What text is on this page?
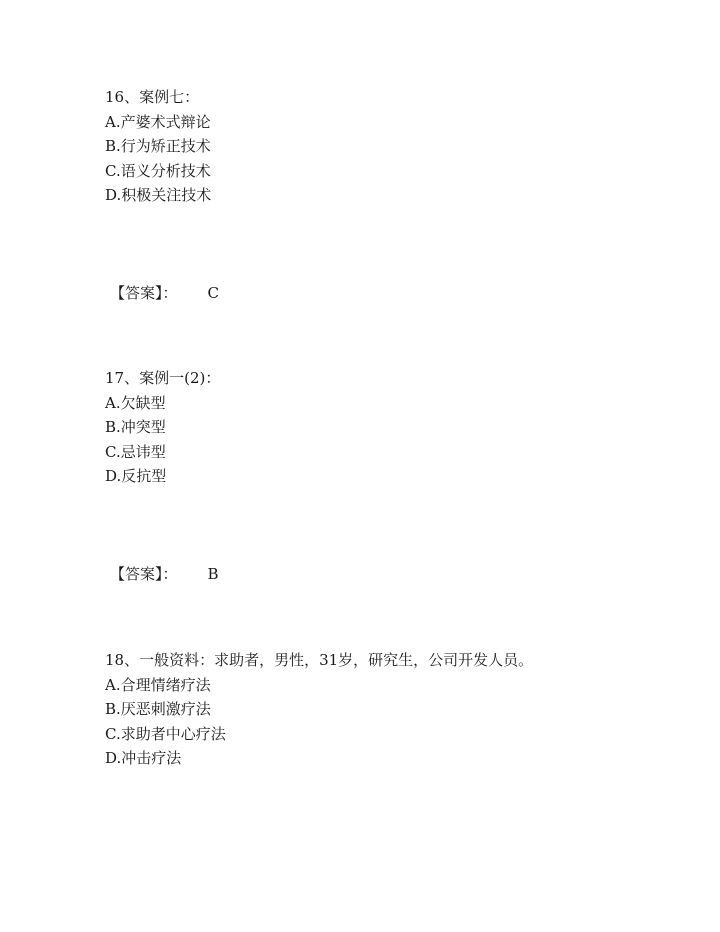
16、案例七：
A.产婆术式辩论
B.行为矫正技术
C.语义分析技术
D.积极关注技术
【答案】： C
17、案例一(2)：
A.欠缺型
B.冲突型
C.忌讳型
D.反抗型
【答案】： B
18、一般资料：求助者，男性，31岁，研究生，公司开发人员。
A.合理情绪疗法
B.厌恶刺激疗法
C.求助者中心疗法
D.冲击疗法
